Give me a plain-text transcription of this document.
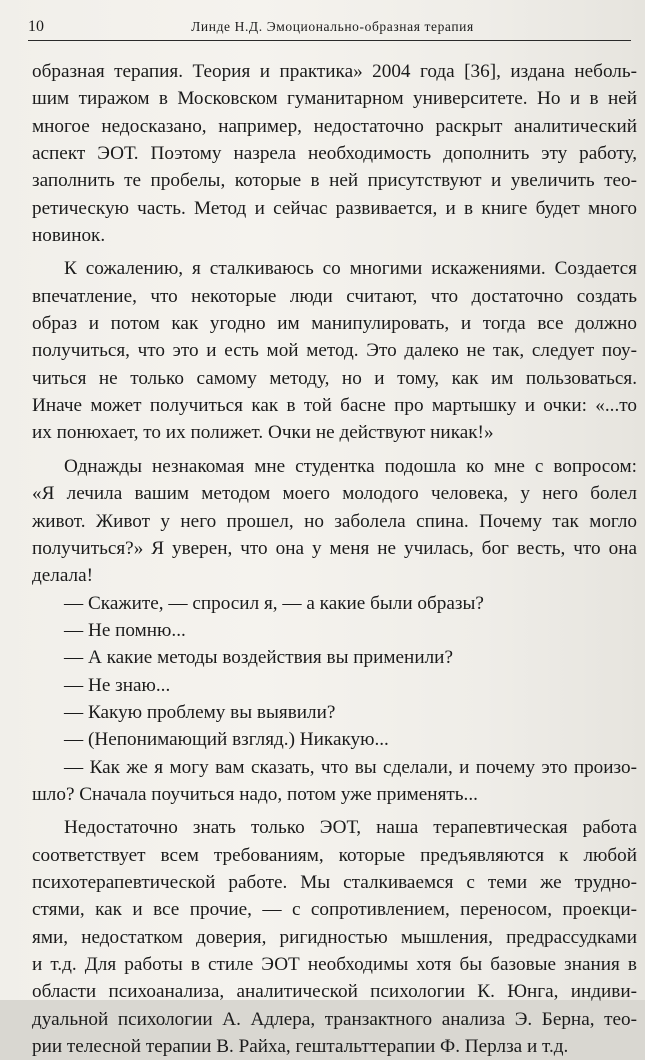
10	Линде Н.Д. Эмоционально-образная терапия
образная терапия. Теория и практика» 2004 года [36], издана неболь-
шим тиражом в Московском гуманитарном университете. Но и в ней
многое недосказано, например, недостаточно раскрыт аналитический
аспект ЭОТ. Поэтому назрела необходимость дополнить эту работу,
заполнить те пробелы, которые в ней присутствуют и увеличить тео-
ретическую часть. Метод и сейчас развивается, и в книге будет много
новинок.
К сожалению, я сталкиваюсь со многими искажениями. Создается
впечатление, что некоторые люди считают, что достаточно создать
образ и потом как угодно им манипулировать, и тогда все должно
получиться, что это и есть мой метод. Это далеко не так, следует поу-
читься не только самому методу, но и тому, как им пользоваться.
Иначе может получиться как в той басне про мартышку и очки: «...то
их понюхает, то их полижет. Очки не действуют никак!»
Однажды незнакомая мне студентка подошла ко мне с вопросом:
«Я лечила вашим методом моего молодого человека, у него болел
живот. Живот у него прошел, но заболела спина. Почему так могло
получиться?» Я уверен, что она у меня не училась, бог весть, что она
делала!
— Скажите, — спросил я, — а какие были образы?
— Не помню...
— А какие методы воздействия вы применили?
— Не знаю...
— Какую проблему вы выявили?
— (Непонимающий взгляд.) Никакую...
— Как же я могу вам сказать, что вы сделали, и почему это произо-
шло? Сначала поучиться надо, потом уже применять...
Недостаточно знать только ЭОТ, наша терапевтическая работа
соответствует всем требованиям, которые предъявляются к любой
психотерапевтической работе. Мы сталкиваемся с теми же трудно-
стями, как и все прочие, — с сопротивлением, переносом, проекци-
ями, недостатком доверия, ригидностью мышления, предрассудками
и т.д. Для работы в стиле ЭОТ необходимы хотя бы базовые знания в
области психоанализа, аналитической психологии К. Юнга, индиви-
дуальной психологии А. Адлера, транзактного анализа Э. Берна, тео-
рии телесной терапии В. Райха, гештальттерапии Ф. Перлза и т.д.
